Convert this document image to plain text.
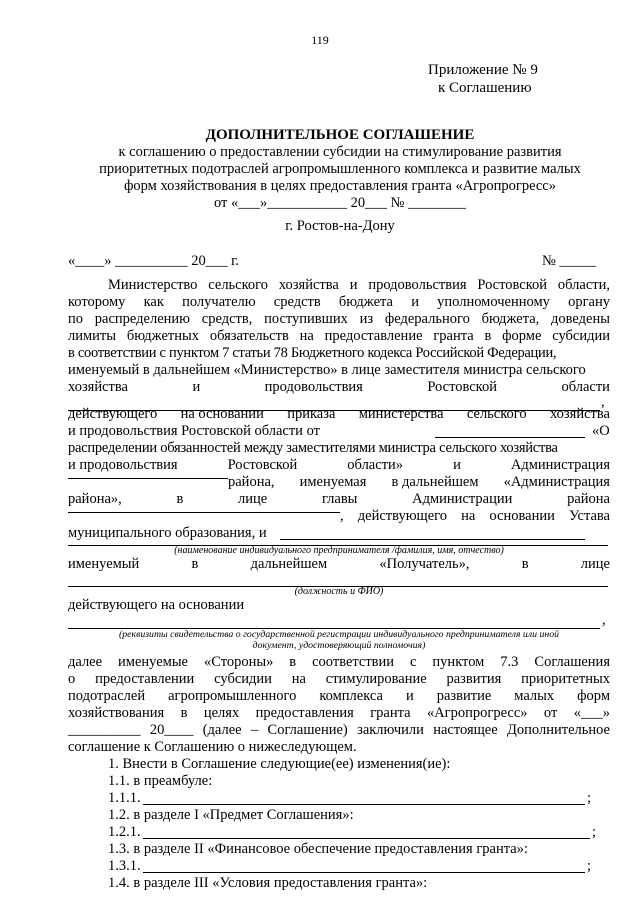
119
Приложение № 9
к Соглашению
ДОПОЛНИТЕЛЬНОЕ СОГЛАШЕНИЕ
к соглашению о предоставлении субсидии на стимулирование развития
приоритетных подотраслей агропромышленного комплекса и развитие малых
форм хозяйствования в целях предоставления гранта «Агропрогресс»
от «___»___________ 20___ № ________
г. Ростов-на-Дону
«____» __________ 20___ г.	№ _____
Министерство сельского хозяйства и продовольствия Ростовской области,
которому как получателю средств бюджета и уполномоченному органу
по распределению средств, поступивших из федерального бюджета, доведены
лимиты бюджетных обязательств на предоставление гранта в форме субсидии
в соответствии с пунктом 7 статьи 78 Бюджетного кодекса Российской Федерации,
именуемый в дальнейшем «Министерство» в лице заместителя министра сельского
хозяйства	и	продовольствия	Ростовской	области
,
действующего на основании приказа министерства сельского хозяйства
и продовольствия Ростовской области от	«О
распределении обязанностей между заместителями министра сельского хозяйства
и продовольствия	Ростовской	области»	и	Администрация
района, именуемая в дальнейшем «Администрация
района»,	в	лице	главы	Администрации	района
, действующего на основании Устава
муниципального образования, и
(наименование индивидуального предпринимателя /фамилия, имя, отчество)
именуемый	в	дальнейшем	«Получатель»,	в	лице
(должность и ФИО)
действующего на основании
,
(реквизиты свидетельства о государственной регистрации индивидуального предпринимателя или иной
документ, удостоверяющий полномочия)
далее именуемые «Стороны» в соответствии с пунктом 7.3 Соглашения
о предоставлении субсидии на стимулирование развития приоритетных
подотраслей агропромышленного комплекса и развитие малых форм
хозяйствования в целях предоставления гранта «Агропрогресс» от «___»
__________ 20____ (далее – Соглашение) заключили настоящее Дополнительное
соглашение к Соглашению о нижеследующем.
1. Внести в Соглашение следующие(ее) изменения(ие):
1.1. в преамбуле:
1.1.1.	;
1.2. в разделе I «Предмет Соглашения»:
1.2.1.	;
1.3. в разделе II «Финансовое обеспечение предоставления гранта»:
1.3.1.	;
1.4. в разделе III «Условия предоставления гранта»:
